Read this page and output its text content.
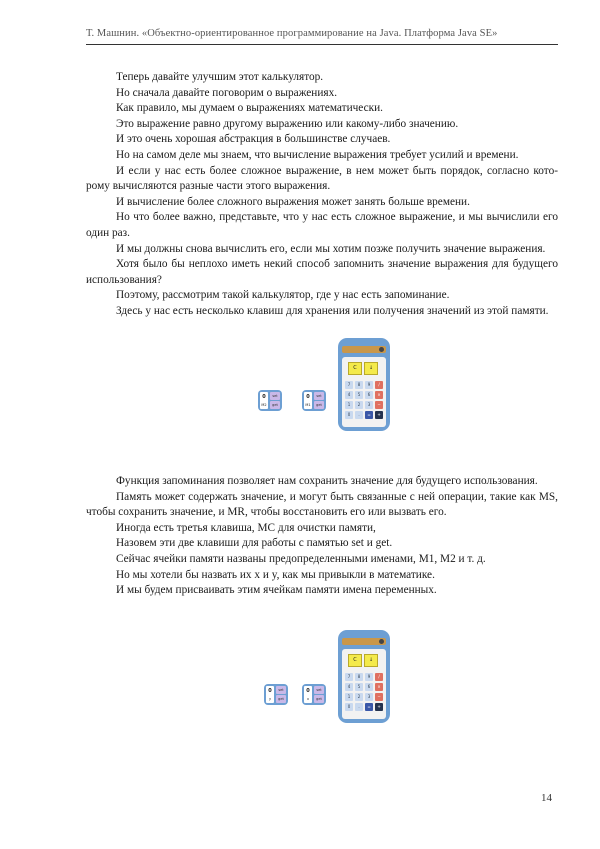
Т. Машнин. «Объектно-ориентированное программирование на Java. Платформа Java SE»

Теперь давайте улучшим этот калькулятор.

Но сначала давайте поговорим о выражениях.

Как правило, мы думаем о выражениях математически.

Это выражение равно другому выражению или какому-либо значению.

И это очень хорошая абстракция в большинстве случаев.

Но на самом деле мы знаем, что вычисление выражения требует усилий и времени.

И если у нас есть более сложное выражение, в нем может быть порядок, согласно кото-рому вычисляются разные части этого выражения.

И вычисление более сложного выражения может занять больше времени.

Но что более важно, представьте, что у нас есть сложное выражение, и мы вычислили его один раз.

И мы должны снова вычислить его, если мы хотим позже получить значение выражения.

Хотя было бы неплохо иметь некий способ запомнить значение выражения для будущего использования?

Поэтому, рассмотрим такой калькулятор, где у нас есть запоминание.

Здесь у нас есть несколько клавиш для хранения или получения значений из этой памяти.

0
M2
set
get
0
M1
set
get
C	↓
7	8	9	/
4	5	6	×
1	2	3	−
0	.	=	+

Функция запоминания позволяет нам сохранить значение для будущего использования.

Память может содержать значение, и могут быть связанные с ней операции, такие как MS, чтобы сохранить значение, и MR, чтобы восстановить его или вызвать его.

Иногда есть третья клавиша, MC для очистки памяти,

Назовем эти две клавиши для работы с памятью set и get.

Сейчас ячейки памяти названы предопределенными именами, M1, M2 и т. д.

Но мы хотели бы назвать их x и y, как мы привыкли в математике.

И мы будем присваивать этим ячейкам памяти имена переменных.

0
y
set
get
0
x
set
get
C	↓
7	8	9	/
4	5	6	×
1	2	3	−
0	.	=	+
14
